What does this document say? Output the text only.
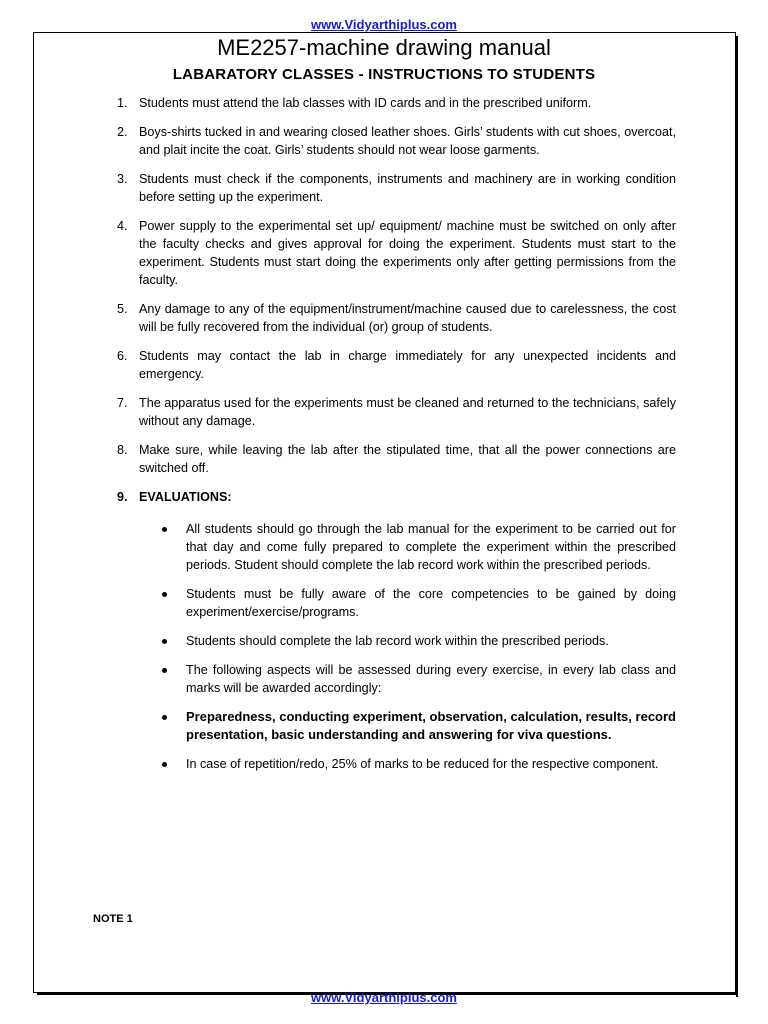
www.Vidyarthiplus.com
ME2257-machine drawing manual
LABARATORY CLASSES - INSTRUCTIONS TO STUDENTS
1. Students must attend the lab classes with ID cards and in the prescribed uniform.
2. Boys-shirts tucked in and wearing closed leather shoes. Girls’ students with cut shoes, overcoat, and plait incite the coat. Girls’ students should not wear loose garments.
3. Students must check if the components, instruments and machinery are in working condition before setting up the experiment.
4. Power supply to the experimental set up/ equipment/ machine must be switched on only after the faculty checks and gives approval for doing the experiment. Students must start to the experiment. Students must start doing the experiments only after getting permissions from the faculty.
5. Any damage to any of the equipment/instrument/machine caused due to carelessness, the cost will be fully recovered from the individual (or) group of students.
6. Students may contact the lab in charge immediately for any unexpected incidents and emergency.
7. The apparatus used for the experiments must be cleaned and returned to the technicians, safely without any damage.
8. Make sure, while leaving the lab after the stipulated time, that all the power connections are switched off.
9. EVALUATIONS:
All students should go through the lab manual for the experiment to be carried out for that day and come fully prepared to complete the experiment within the prescribed periods. Student should complete the lab record work within the prescribed periods.
Students must be fully aware of the core competencies to be gained by doing experiment/exercise/programs.
Students should complete the lab record work within the prescribed periods.
The following aspects will be assessed during every exercise, in every lab class and marks will be awarded accordingly:
Preparedness, conducting experiment, observation, calculation, results, record presentation, basic understanding and answering for viva questions.
In case of repetition/redo, 25% of marks to be reduced for the respective component.
NOTE 1
www.Vidyarthiplus.com
